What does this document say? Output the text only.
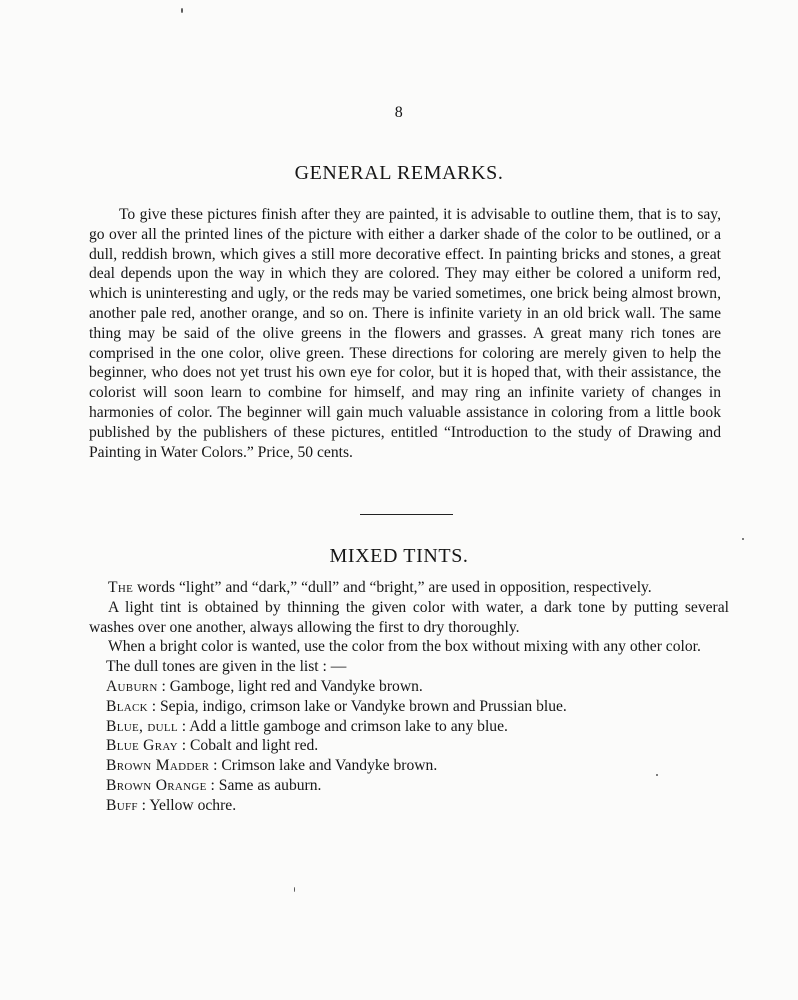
8
GENERAL REMARKS.

To give these pictures finish after they are painted, it is advisable to outline them, that is to say, go over all the printed lines of the picture with either a darker shade of the color to be outlined, or a dull, reddish brown, which gives a still more decorative effect. In painting bricks and stones, a great deal depends upon the way in which they are colored. They may either be colored a uniform red, which is uninteresting and ugly, or the reds may be varied sometimes, one brick being almost brown, another pale red, another orange, and so on. There is infinite variety in an old brick wall. The same thing may be said of the olive greens in the flowers and grasses. A great many rich tones are comprised in the one color, olive green. These directions for coloring are merely given to help the beginner, who does not yet trust his own eye for color, but it is hoped that, with their assistance, the colorist will soon learn to combine for himself, and may ring an infinite variety of changes in harmonies of color. The beginner will gain much valuable assistance in coloring from a little book published by the publishers of these pictures, entitled “Introduction to the study of Drawing and Painting in Water Colors.” Price, 50 cents.

MIXED TINTS.

The words “light” and “dark,” “dull” and “bright,” are used in opposition, respectively.

A light tint is obtained by thinning the given color with water, a dark tone by putting several washes over one another, always allowing the first to dry thoroughly.

When a bright color is wanted, use the color from the box without mixing with any other color.

The dull tones are given in the list : —

Auburn : Gamboge, light red and Vandyke brown.

Black : Sepia, indigo, crimson lake or Vandyke brown and Prussian blue.

Blue, dull : Add a little gamboge and crimson lake to any blue.

Blue Gray : Cobalt and light red.

Brown Madder : Crimson lake and Vandyke brown.

Brown Orange : Same as auburn.

Buff : Yellow ochre.
